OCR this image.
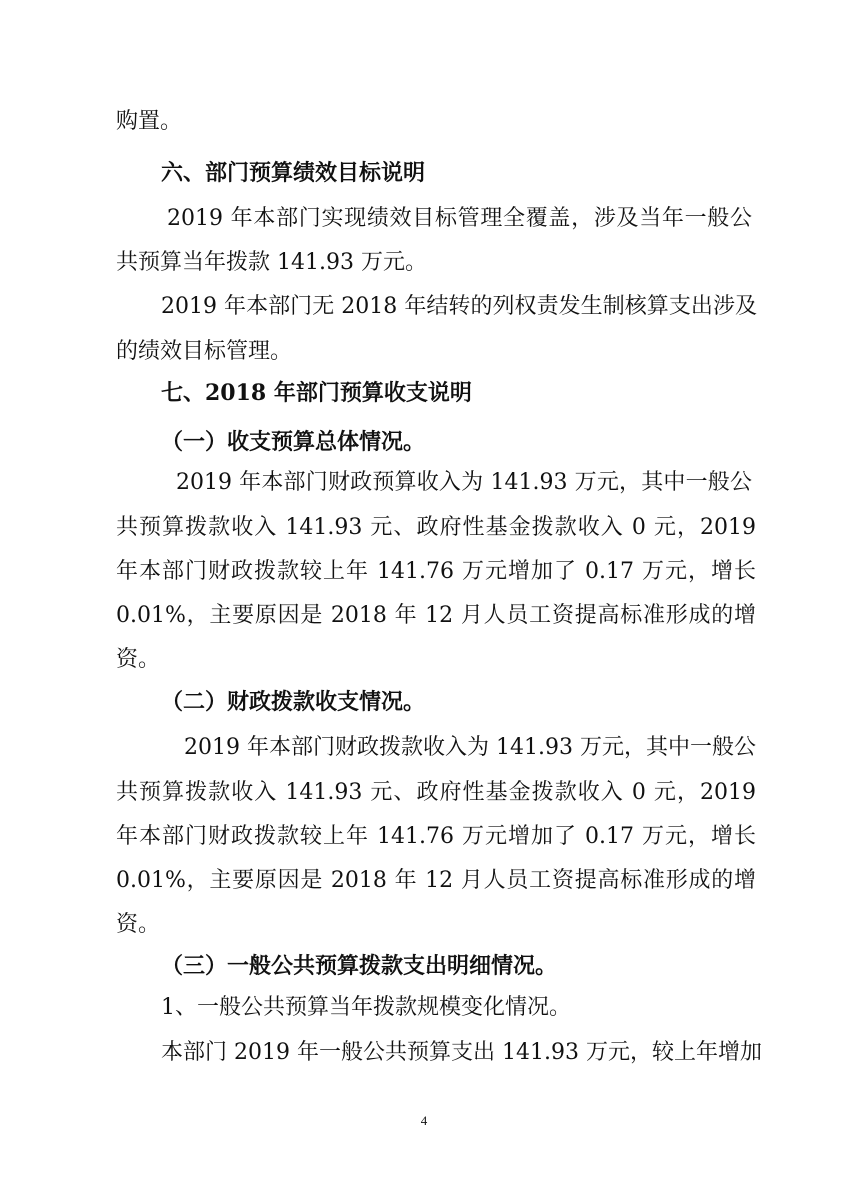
购置。
六、部门预算绩效目标说明
2019 年本部门实现绩效目标管理全覆盖，涉及当年一般公
共预算当年拨款 141.93 万元。
2019 年本部门无 2018 年结转的列权责发生制核算支出涉及
的绩效目标管理。
七、2018 年部门预算收支说明
（一）收支预算总体情况。
2019 年本部门财政预算收入为 141.93 万元，其中一般公
共预算拨款收入 141.93 元、政府性基金拨款收入 0 元，2019
年本部门财政拨款较上年 141.76 万元增加了 0.17 万元，增长
0.01%，主要原因是 2018 年 12 月人员工资提高标准形成的增
资。
（二）财政拨款收支情况。
2019 年本部门财政拨款收入为 141.93 万元，其中一般公
共预算拨款收入 141.93 元、政府性基金拨款收入 0 元，2019
年本部门财政拨款较上年 141.76 万元增加了 0.17 万元，增长
0.01%，主要原因是 2018 年 12 月人员工资提高标准形成的增
资。
（三）一般公共预算拨款支出明细情况。
1、一般公共预算当年拨款规模变化情况。
本部门 2019 年一般公共预算支出 141.93 万元，较上年增加
4
